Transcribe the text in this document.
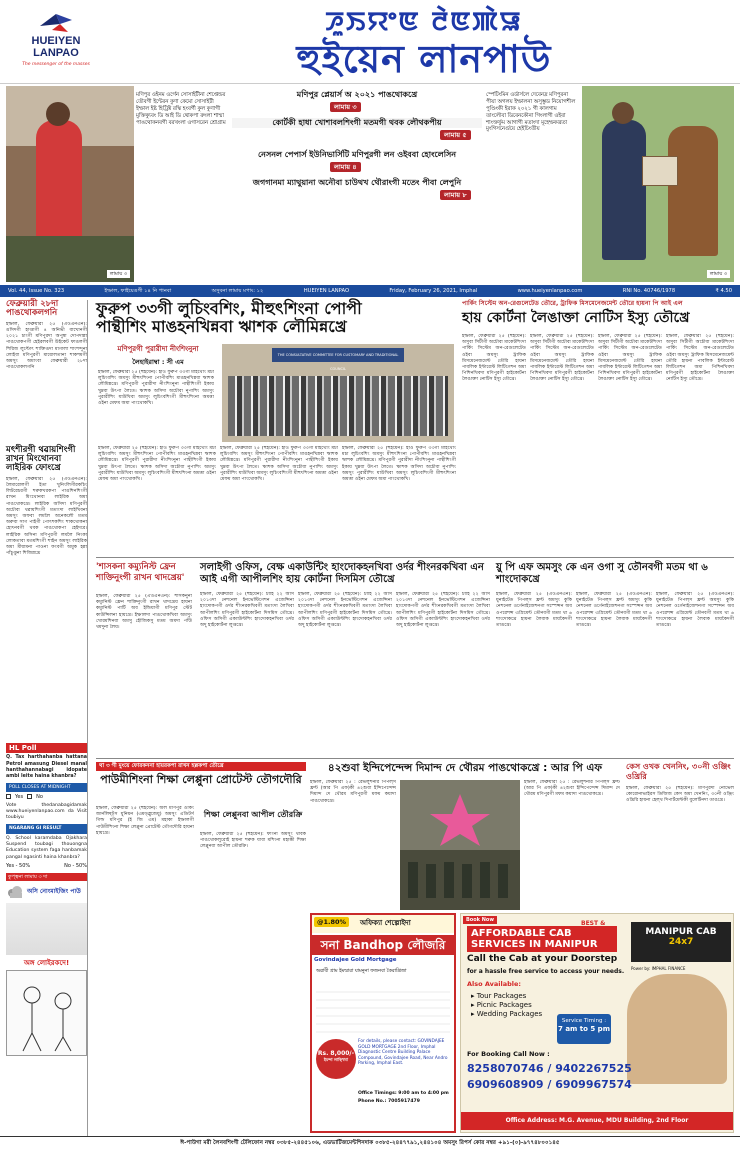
HUEIYEN
LANPAO
The messenger of the masses
ꯍꯨꯏꯌꯦꯟ ꯂꯥꯟꯄꯥꯎ
হুইয়েন লানপাউ
লামায় ৩
মণিপুর ওইনম ওর্গেন সোসাইটীনা শেপ্তেন্ডর তৌবগী ইন্টেরন কুণা কেমো সোসাইটী ইম্ফাল ইষ্ট হিট্রিক্ট রস্কি হংবর্গী কুল কুণাগী মুক্তিক্যুবং ডি আই ডি থোকপা রুংলা শাম্মা পাঙথোকনবগী বরখংলা ওগাসরেন শ্রোগ্রাম
মণিপুর প্লেয়ার্স অ ২০২১ পাঙথোকখ্রে
লামায় ৩
কোর্টকী হাধা খোশাবলশিংগী মতমগী থবক লৌথকপীয়
লামায় ৫
নেসনল পেপার্স ইউনিভার্সিটি মণিপুরগী লন ওইববা হোংলেসিন
লামায় ৪
জগগানমা ম্যাথুয়ানা অনৌবা চাউথখ থৌরাংগী মতেং পীবা লেপুনি
লামায় ৮
স্পেটিংমিন ওর্ডার্সলে দেবেনদ্র মণিপুরনা পীয়া অগলয় ইম্ফালনা অসুম্ভুড নিয়োগশীল পুণ্ডিংকী ইরাক ২০২১ গী কালগাম তাংলৌবা ডিবেনকৌনা গিংলাগী ওইবা শাংক্তর্ফুম আগাগী মতাংদা মূহেম্ফকখ্রতা মুংগিসনের্গুয়ে হেইচিংতীয়
লামায় ৩
Vol. 44, Issue No. 323	ইম্ফাল, ফাইয়েঙগী ১৪ নি পানবা	অসুবনা লামায় মপাং: ১২	HUEIYEN LANPAO	Friday, February 26, 2021, Imphal	www.hueiyenlanpao.com	RNI No. 40746/1978	₹ 4.50
ফেব্রুয়ারী ২৮দা পাঙথোকলগনি
ইম্ফাল, ফেব্রুয়ারী ২৫ (ঐওএনএন): ঙসিদগী হাপ্তাগী ৪ অনিভী বাখোনগী ২০২১ চাংগী মণিপুরদা অপুন্বা দোপদান্না পাঙথোকপগী হেইরলবগী উইকেট ফাঙলগী শিরিজ লুপ্টোৎ শাক্তিঙদা মাগালা শাংশন্দুনা লোইবা মণিপুরগী মায়োলতানা শাকশমগী অমসুং অমাংবা ফেব্রুয়ারী ২৮দা পাঙথোকলগনি
মৎশীরগী থৱায়শিংগী রাখন মিংথোনবা লাইরিক ফোংখ্রে
ইম্ফাল, ফেব্রুয়ারী ২৫ (ঐওএনএন): লৈমারোলগী ইতা খুনিংলিগীরকচিং লিটরেচরগী শরুকখরকপা পাঙশিনশিংগী রাখন মিংথোনবা লাইরিক অমা পাঙথোকখ্রে। লাইরিক অসিদা মণিপুরগী অচৌবা থৱায়শিংগী মতাংদা লাইখিবনা অমসুং অফবা লমলৈ অনেকলৌ মতম অরুবা সাগ পাইগী পোৎশকশিং শাকথোকনা হোৎনবগী থবক পাঙথোকপা হেইদরে। লাইরিক অসিনা মণিপুরগী লমলৈ নিংকা লোকতাবা মতমশিংগী শাইন অমসুং লাইরিক অমা মীয়ামনা পাওনা ফংবগী অমুক হন্না পাঁচুপ্তুনা শিজিন্নখ্রে
HL Poll
Q. Tax harthahanba hattana Petrol amasung Diesel manal hanthahannabagi idopate ambi leite haina khanbra?
POLL CLOSES AT MIDNIGHT
Yes	No
Vote thedanabagidamak www.hueiyenlanpao.com da Visit toubiyu
NGARANG GI RESULT
Q. School karamdaba Ojakhara Suspend toubagi thouongna Education system faga hanbamak pangal ngasinti haina khanbra?
Yes - 50%	No - 50%
কুপ্ত্বনা লামায় ৩ দা
অসি নোংমাইজিং পাউ
অঙ্গ লোইরকদে!
ফুরুপ ৩৩গী লুচিংবশিং, মীহুৎশিংনা পোপী
পান্থীশিং মাঙহনখিন্নবা ঋাশক লৌমিন্নখ্রে
মণিপুরগী পুরারীদা নীংশিংনুনা
লৈহাইরাম্বা : সী এম
ইম্ফাল, ফেব্রুয়ারী ২৫ (হুইয়েন): হাওঁ ফুরুপ ৩৩গী মাইথোং মচা লুচিংবশিং অমসুং মীহুৎশিংনা পোপীবশিং মাঙহনখিন্নবা ঋাশক লৌমিন্নখ্রে। মণিপুরগী পুরারীদা নীংশিংনুনা পান্থীশিংগী ইকায় খুম্নবা উৎপা লৈতে। ঋাশক অসিদা অচৌবা নুপাশিং অমসুং পুরারীশিং যাউখিবা অমসুং লুচিংবশিংগী মীহুৎশিংনা অমত্তা ওইনা মেফম অমা পাংথোকখি।
THE CONSULTATIVE COMMITTEE FOR CUSTOMARY AND TRADITIONAL COUNCIL
ইম্ফাল, ফেব্রুয়ারী ২৫ (হুইয়েন): হাওঁ ফুরুপ ৩৩গী মাইথোং মচা লুচিংবশিং অমসুং মীহুৎশিংনা পোপীবশিং মাঙহনখিন্নবা ঋাশক লৌমিন্নখ্রে। মণিপুরগী পুরারীদা নীংশিংনুনা পান্থীশিংগী ইকায় খুম্নবা উৎপা লৈতে। ঋাশক অসিদা অচৌবা নুপাশিং অমসুং পুরারীশিং যাউখিবা অমসুং লুচিংবশিংগী মীহুৎশিংনা অমত্তা ওইনা মেফম অমা পাংথোকখি।
ইম্ফাল, ফেব্রুয়ারী ২৫ (হুইয়েন): হাওঁ ফুরুপ ৩৩গী মাইথোং মচা লুচিংবশিং অমসুং মীহুৎশিংনা পোপীবশিং মাঙহনখিন্নবা ঋাশক লৌমিন্নখ্রে। মণিপুরগী পুরারীদা নীংশিংনুনা পান্থীশিংগী ইকায় খুম্নবা উৎপা লৈতে। ঋাশক অসিদা অচৌবা নুপাশিং অমসুং পুরারীশিং যাউখিবা অমসুং লুচিংবশিংগী মীহুৎশিংনা অমত্তা ওইনা মেফম অমা পাংথোকখি।
ইম্ফাল, ফেব্রুয়ারী ২৫ (হুইয়েন): হাওঁ ফুরুপ ৩৩গী মাইথোং মচা লুচিংবশিং অমসুং মীহুৎশিংনা পোপীবশিং মাঙহনখিন্নবা ঋাশক লৌমিন্নখ্রে। মণিপুরগী পুরারীদা নীংশিংনুনা পান্থীশিংগী ইকায় খুম্নবা উৎপা লৈতে। ঋাশক অসিদা অচৌবা নুপাশিং অমসুং পুরারীশিং যাউখিবা অমসুং লুচিংবশিংগী মীহুৎশিংনা অমত্তা ওইনা মেফম অমা পাংথোকখি।
পার্কিং সিস্টেম অন-রেগুলেটেড তৌরে, ট্রাফিক মিসমেনেজমেন্ট তৌরে হায়না পি আই এল
হায় কোর্টনা লৈঙাক্তা নোটিস ইস্যু তৌখ্রে
ইম্ফাল, ফেব্রুয়ারী ২৫ (হুইয়েন): অসুবা সিটীগী অচৌবা মাকেটশিংদা পার্কিং সিস্টেম অন-রেগুলেটেড ওইবা অমসুং ট্রাফিক মিসমেনেজমেন্ট তৌরি হায়না পাবলিক ইন্টারেস্ট লিটিগেশন অমা পিশিনখিবদা মণিপুরগী হাইকোর্টনা লৈঙাক্তা নোটিস ইস্যু তৌখ্রে।
ইম্ফাল, ফেব্রুয়ারী ২৫ (হুইয়েন): অসুবা সিটীগী অচৌবা মাকেটশিংদা পার্কিং সিস্টেম অন-রেগুলেটেড ওইবা অমসুং ট্রাফিক মিসমেনেজমেন্ট তৌরি হায়না পাবলিক ইন্টারেস্ট লিটিগেশন অমা পিশিনখিবদা মণিপুরগী হাইকোর্টনা লৈঙাক্তা নোটিস ইস্যু তৌখ্রে।
ইম্ফাল, ফেব্রুয়ারী ২৫ (হুইয়েন): অসুবা সিটীগী অচৌবা মাকেটশিংদা পার্কিং সিস্টেম অন-রেগুলেটেড ওইবা অমসুং ট্রাফিক মিসমেনেজমেন্ট তৌরি হায়না পাবলিক ইন্টারেস্ট লিটিগেশন অমা পিশিনখিবদা মণিপুরগী হাইকোর্টনা লৈঙাক্তা নোটিস ইস্যু তৌখ্রে।
ইম্ফাল, ফেব্রুয়ারী ২৫ (হুইয়েন): অসুবা সিটীগী অচৌবা মাকেটশিংদা পার্কিং সিস্টেম অন-রেগুলেটেড ওইবা অমসুং ট্রাফিক মিসমেনেজমেন্ট তৌরি হায়না পাবলিক ইন্টারেস্ট লিটিগেশন অমা পিশিনখিবদা মণিপুরগী হাইকোর্টনা লৈঙাক্তা নোটিস ইস্যু তৌখ্রে।
'শাসকনা কম্যুনিস্ট ফ্রেন শাক্তিনুংগী রাখন থাদখ্রেয়'
ইম্ফাল, ফেব্রুয়ারী ২৫ (ঐওএনএন): শাসকনুনা কম্যুনিস্ট ফ্রেন শাক্তিনুংগী রাখন থাদখ্রেয় হায়না কম্যুনিস্ট পার্টি অব ইন্ডিয়াগী মণিপুর স্টেট কাউন্সিলনা হায়খ্রে। ইম্ফালদা পাঙথোকখিবা অমসুং খোরমশিনবা অমসু হৌজিকসু মতম অমদা পাঁউ থমদুনা লৈয়।
সলাইগী ওফিস, বেক্ষ একাউন্টিং হাংদোকহনখিবা ওর্দর শীংনরকখিবা এন আই এগী আপীলশিং হায় কোর্টনা দিসমিস তৌখ্রে
ইম্ফাল, ফেব্রুয়ারী ২৫ (হুইয়েন): চাহি ২২ অসি ২০১৩দা নেশনেল ইনভেস্টিগেশন এজেন্সিনা হাংদোকপগী ওর্দর শীংনরকখিবগী মতাংদা লৈখিবা আপীলশিং মণিপুরগী হাইকোর্টনা দিসমিস তৌখ্রে। ওফিস অসিগী এক্যাউন্টশিং হাংদোকহনখিবা ওর্দর অদু হাইকোর্টনা লুপ্তখ্রে।
ইম্ফাল, ফেব্রুয়ারী ২৫ (হুইয়েন): চাহি ২২ অসি ২০১৩দা নেশনেল ইনভেস্টিগেশন এজেন্সিনা হাংদোকপগী ওর্দর শীংনরকখিবগী মতাংদা লৈখিবা আপীলশিং মণিপুরগী হাইকোর্টনা দিসমিস তৌখ্রে। ওফিস অসিগী এক্যাউন্টশিং হাংদোকহনখিবা ওর্দর অদু হাইকোর্টনা লুপ্তখ্রে।
ইম্ফাল, ফেব্রুয়ারী ২৫ (হুইয়েন): চাহি ২২ অসি ২০১৩দা নেশনেল ইনভেস্টিগেশন এজেন্সিনা হাংদোকপগী ওর্দর শীংনরকখিবগী মতাংদা লৈখিবা আপীলশিং মণিপুরগী হাইকোর্টনা দিসমিস তৌখ্রে। ওফিস অসিগী এক্যাউন্টশিং হাংদোকহনখিবা ওর্দর অদু হাইকোর্টনা লুপ্তখ্রে।
য়ু পি এফ অমসুং কে এন ওগা সু তৌনবগী মতম থা ৬ শাংদোকখ্রে
ইম্ফাল, ফেব্রুয়ারী ২৫ (ঐওএনএন): য়ুনাইটেড পিপল্স ফ্রন্ট অমসুং কুকি নেশনেল ওর্গেনাইজেশনগা সস্পেন্সন অব ওপরেশন্স এগ্রিমেন্ট তৌনবগী মতম থা ৬ শাংদোকখ্রে হায়না লৈবাক মায়কৈদগী তাঙখ্রে।
ইম্ফাল, ফেব্রুয়ারী ২৫ (ঐওএনএন): য়ুনাইটেড পিপল্স ফ্রন্ট অমসুং কুকি নেশনেল ওর্গেনাইজেশনগা সস্পেন্সন অব ওপরেশন্স এগ্রিমেন্ট তৌনবগী মতম থা ৬ শাংদোকখ্রে হায়না লৈবাক মায়কৈদগী তাঙখ্রে।
ইম্ফাল, ফেব্রুয়ারী ২৫ (ঐওএনএন): য়ুনাইটেড পিপল্স ফ্রন্ট অমসুং কুকি নেশনেল ওর্গেনাইজেশনগা সস্পেন্সন অব ওপরেশন্স এগ্রিমেন্ট তৌনবগী মতম থা ৬ শাংদোকখ্রে হায়না লৈবাক মায়কৈদগী তাঙখ্রে।
থা ৩ গী মুংয়ে ফোরকননা হায়রকপা রাখন হল্লকপা তৌখ্রে
পাউমীশিংনা শিক্ষা লেপ্পুনা প্রোটেস্ট তৌগদৌরি
ইম্ফাল, ফেব্রুয়ারী ২৫ (হুইয়েন): অল মণিপুর ওর্কিং জার্নলিষ্ট্স য়ুনিয়ন (এমড্ব্লুজেয়ু) অমসুং এডিটর্স গিল্ড মণিপুর (ই জি এম) মহাকা ইম্ফালগী পাউমীশিংনা শিক্ষা লেপ্পুনা প্রোটেস্ট তৌগদৌরি হায়না হায়খ্রে।
শিক্ষা লেপ্পুনবা আপীল তৌরক্রি
ইম্ফাল, ফেব্রুয়ারী ২৫ (হুইয়েন): ফাংনা অমসুং থাবক পাঙথোকলুরোই হায়না শরুক যাবা মশিংনা মহাক্কী শিক্ষা লেপ্পুনবা আপীল তৌরক্রি।
৪২শুবা ইন্দিপেন্দেন্স দিমান্দ দে থৌরম পাঙথোকখ্রে : আর পি এফ
ইম্ফাল, ফেব্রুয়ারী ২৫ : রেভলুশনরি পিপল্স ফ্রন্ট (আর পি এফ)কী ৪২শুবা ইন্দিপেন্দেন্স দিমান্দ দে থৌরম মণিপুরগী মফম কয়াদা পাঙথোকখ্রে।
ইম্ফাল, ফেব্রুয়ারী ২৫ : রেভলুশনরি পিপল্স ফ্রন্ট (আর পি এফ)কী ৪২শুবা ইন্দিপেন্দেন্স দিমান্দ দে থৌরম মণিপুরগী মফম কয়াদা পাঙথোকখ্রে।
কেস ওখক খেননিং, ৩০নী ওঞ্জিং ওখ্রিরি
ইম্ফাল, ফেব্রুয়ারী ২৫ (হুইয়েন): মণিপুরদা নোভেল কোরোনাভাইরস ডিজিজ কেস অমা খেননিং, ৩০নী ওঞ্জিং ওখ্রিরি হায়না হেল্থ দিপার্টমেন্টকী বুলেটিনদা তাঙখ্রে।
@1.80%	অফিক্যা শেল্পোইদা
সনা Bandhop লৌজরি
Govindajee Gold Mortgage
অৱাবী গ্রাম ইমন্মারা যামনুনা ফজনবা কৈরাখ্রিজা
For details, please contact: GOVINDAJEE GOLD MORTGAGE 2nd Floor, Imphal Diagnostic Centre Building Palace Compound, Govindajee Road, Near Andro Parking, Imphal East.
Rs. 8,000/-
ইমন্দা লাক্খিবা
Office Timings: 9:00 am to 4:00 pm
Phone No.: 7005917479
Book Now
AFFORDABLE CAB SERVICES IN MANIPUR
BEST &
MANIPUR CAB
24x7
Power by: IMPHAL FINANCE
Call the Cab at your Doorstep
for a hassle free service to access your needs.
Also Available:
▸ Tour Packages
▸ Picnic Packages
▸ Wedding Packages
Service Timing :
7 am to 5 pm
For Booking Call Now :
8258070746 / 9402267525
6909608909 / 6909967574
Office Address: M.G. Avenue, MDU Building, 2nd Floor
ঈ-পাউগা মরী লৈনবশিংগী টেলিফোন নম্বর ০৩৮৫-২৪৪৫১০৬, এডভার্টিজমেন্টশিনদাক ০৩৮৫-২৪৪৭৭৯১,২৪৪১০৪ অমসুং রিপর্স কোর নম্বর +৯১-(০)-৯৭৭৪৮০০১৪৫
